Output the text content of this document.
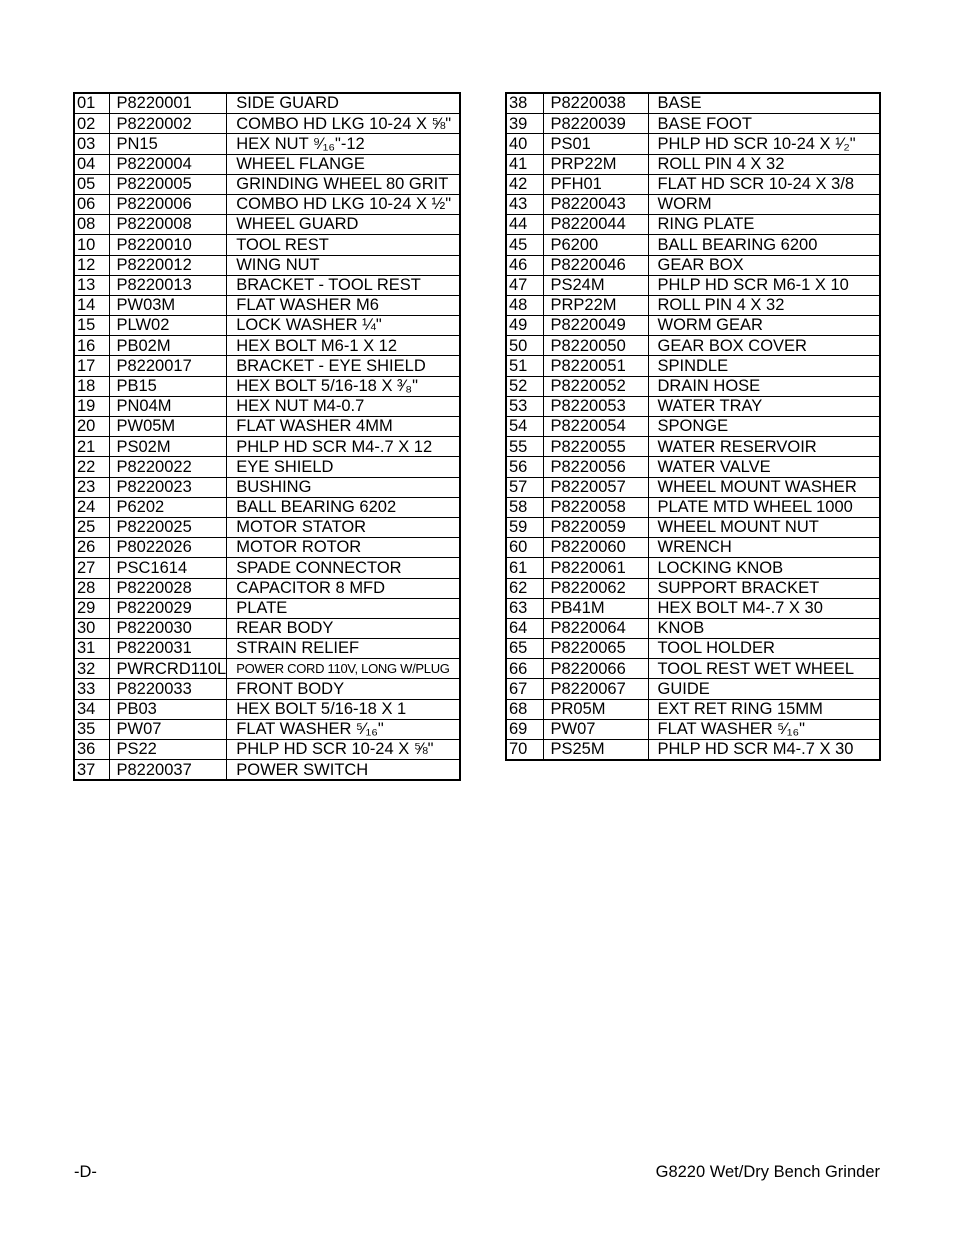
01	P8220001	SIDE GUARD
02	P8220002	COMBO HD LKG 10-24 X ⅝"
03	PN15	HEX NUT ⁹⁄₁₆"-12
04	P8220004	WHEEL FLANGE
05	P8220005	GRINDING WHEEL 80 GRIT
06	P8220006	COMBO HD LKG 10-24 X ½"
08	P8220008	WHEEL GUARD
10	P8220010	TOOL REST
12	P8220012	WING NUT
13	P8220013	BRACKET - TOOL REST
14	PW03M	FLAT WASHER M6
15	PLW02	LOCK WASHER ¼"
16	PB02M	HEX BOLT M6-1 X 12
17	P8220017	BRACKET - EYE SHIELD
18	PB15	HEX BOLT 5/16-18 X ³⁄₈"
19	PN04M	HEX NUT M4-0.7
20	PW05M	FLAT WASHER 4MM
21	PS02M	PHLP HD SCR M4-.7 X 12
22	P8220022	EYE SHIELD
23	P8220023	BUSHING
24	P6202	BALL BEARING 6202
25	P8220025	MOTOR STATOR
26	P8022026	MOTOR ROTOR
27	PSC1614	SPADE CONNECTOR
28	P8220028	CAPACITOR 8 MFD
29	P8220029	PLATE
30	P8220030	REAR BODY
31	P8220031	STRAIN RELIEF
32	PWRCRD110L	POWER CORD 110V, LONG W/PLUG
33	P8220033	FRONT BODY
34	PB03	HEX BOLT 5/16-18 X 1
35	PW07	FLAT WASHER ⁵⁄₁₆"
36	PS22	PHLP HD SCR 10-24 X ⅝"
37	P8220037	POWER SWITCH
38	P8220038	BASE
39	P8220039	BASE FOOT
40	PS01	PHLP HD SCR 10-24 X ¹⁄₂"
41	PRP22M	ROLL PIN 4 X 32
42	PFH01	FLAT HD SCR 10-24 X 3/8
43	P8220043	WORM
44	P8220044	RING PLATE
45	P6200	BALL BEARING 6200
46	P8220046	GEAR BOX
47	PS24M	PHLP HD SCR M6-1 X 10
48	PRP22M	ROLL PIN 4 X 32
49	P8220049	WORM GEAR
50	P8220050	GEAR BOX COVER
51	P8220051	SPINDLE
52	P8220052	DRAIN HOSE
53	P8220053	WATER TRAY
54	P8220054	SPONGE
55	P8220055	WATER RESERVOIR
56	P8220056	WATER VALVE
57	P8220057	WHEEL MOUNT WASHER
58	P8220058	PLATE MTD WHEEL 1000
59	P8220059	WHEEL MOUNT NUT
60	P8220060	WRENCH
61	P8220061	LOCKING KNOB
62	P8220062	SUPPORT BRACKET
63	PB41M	HEX BOLT M4-.7 X 30
64	P8220064	KNOB
65	P8220065	TOOL HOLDER
66	P8220066	TOOL REST WET WHEEL
67	P8220067	GUIDE
68	PR05M	EXT RET RING 15MM
69	PW07	FLAT WASHER ⁵⁄₁₆"
70	PS25M	PHLP HD SCR M4-.7 X 30
-D-	G8220 Wet/Dry Bench Grinder
